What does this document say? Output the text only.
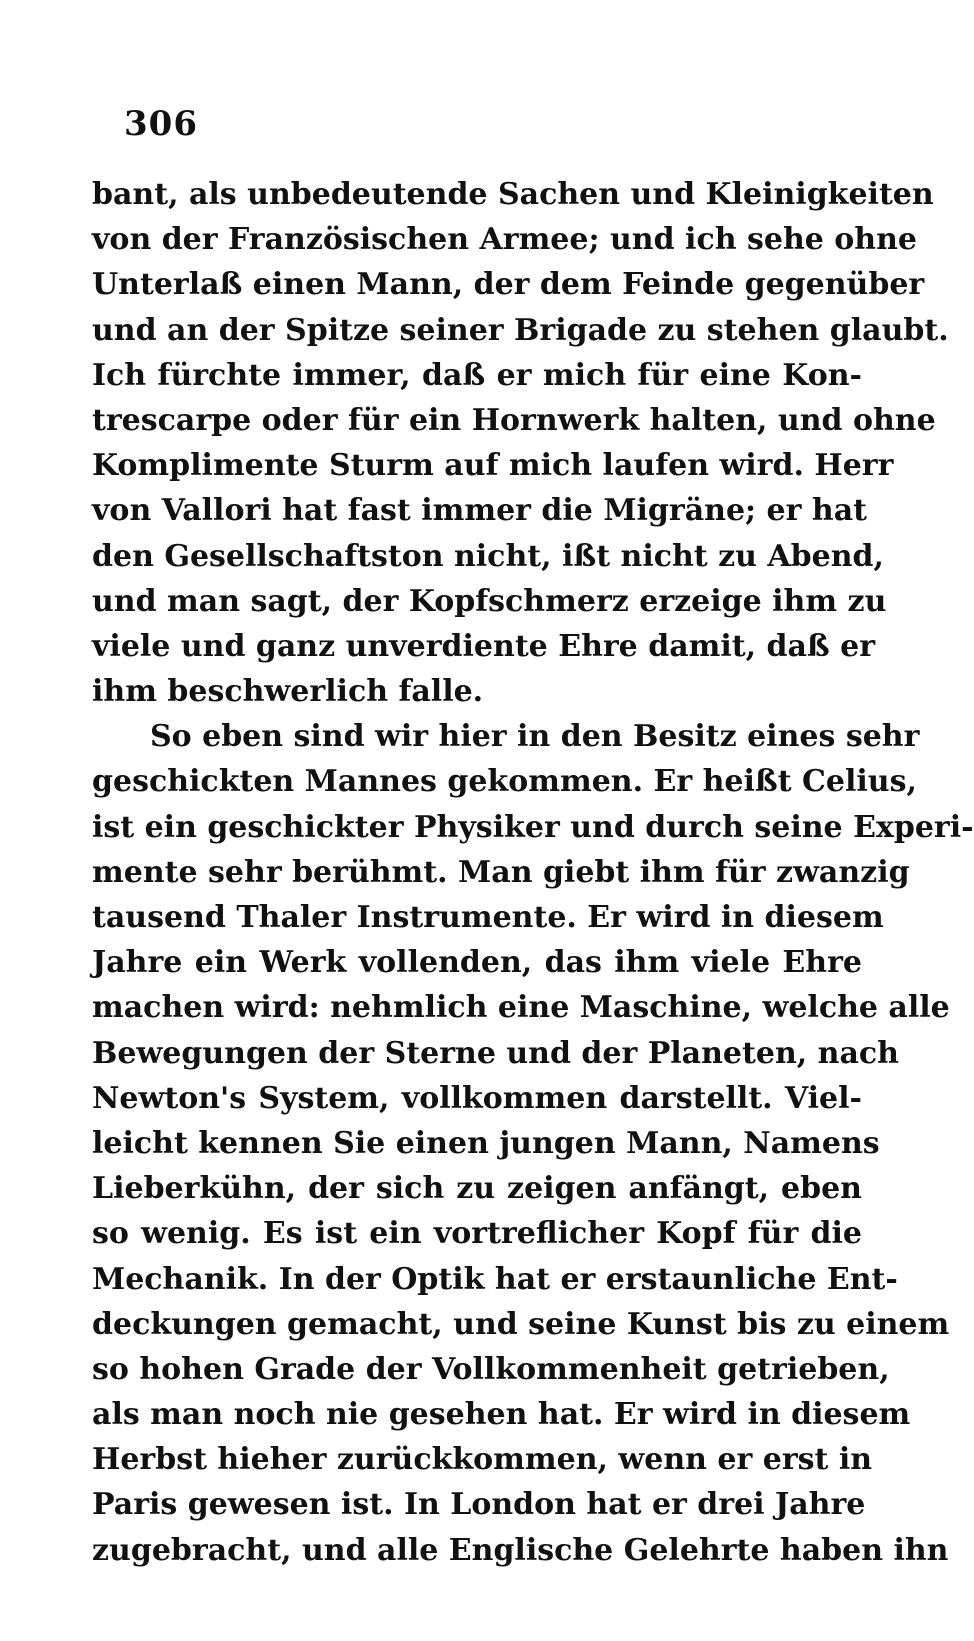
306
bant, als unbedeutende Sachen und Kleinigkeiten
von der Französischen Armee; und ich sehe ohne
Unterlaß einen Mann, der dem Feinde gegenüber
und an der Spitze seiner Brigade zu stehen glaubt.
Ich fürchte immer, daß er mich für eine Kon-
trescarpe oder für ein Hornwerk halten, und ohne
Komplimente Sturm auf mich laufen wird. Herr
von Vallori hat fast immer die Migräne; er hat
den Gesellschaftston nicht, ißt nicht zu Abend,
und man sagt, der Kopfschmerz erzeige ihm zu
viele und ganz unverdiente Ehre damit, daß er
ihm beschwerlich falle.
So eben sind wir hier in den Besitz eines sehr
geschickten Mannes gekommen. Er heißt Celius,
ist ein geschickter Physiker und durch seine Experi-
mente sehr berühmt. Man giebt ihm für zwanzig
tausend Thaler Instrumente. Er wird in diesem
Jahre ein Werk vollenden, das ihm viele Ehre
machen wird: nehmlich eine Maschine, welche alle
Bewegungen der Sterne und der Planeten, nach
Newton's System, vollkommen darstellt. Viel-
leicht kennen Sie einen jungen Mann, Namens
Lieberkühn, der sich zu zeigen anfängt, eben
so wenig. Es ist ein vortreflicher Kopf für die
Mechanik. In der Optik hat er erstaunliche Ent-
deckungen gemacht, und seine Kunst bis zu einem
so hohen Grade der Vollkommenheit getrieben,
als man noch nie gesehen hat. Er wird in diesem
Herbst hieher zurückkommen, wenn er erst in
Paris gewesen ist. In London hat er drei Jahre
zugebracht, und alle Englische Gelehrte haben ihn
